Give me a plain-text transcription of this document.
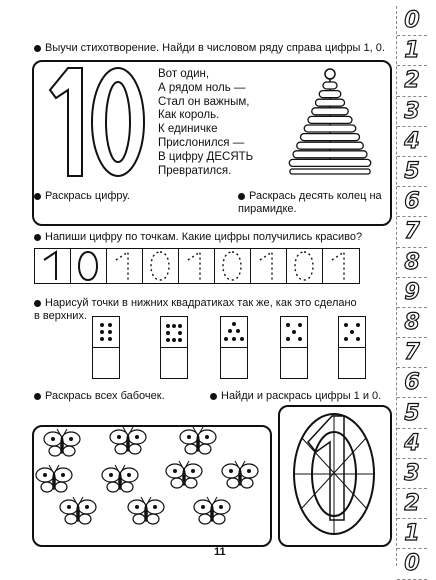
Выучи стихотворение. Найди в числовом ряду справа цифры 1, 0.
Вот один,
А рядом ноль —
Стал он важным,
Как король.
К единичке
Прислонился —
В цифру ДЕСЯТЬ
Превратился.
Раскрась цифру.	Раскрась десять колец на пирамидке.
Напиши цифру по точкам. Какие цифры получились красиво?
Нарисуй точки в нижних квадратиках так же, как это сделано в верхних.
Раскрась всех бабочек.	Найди и раскрась цифры 1 и 0.
11
0
1
2
3
4
5
6
7
8
9
8
7
6
5
4
3
2
1
0
